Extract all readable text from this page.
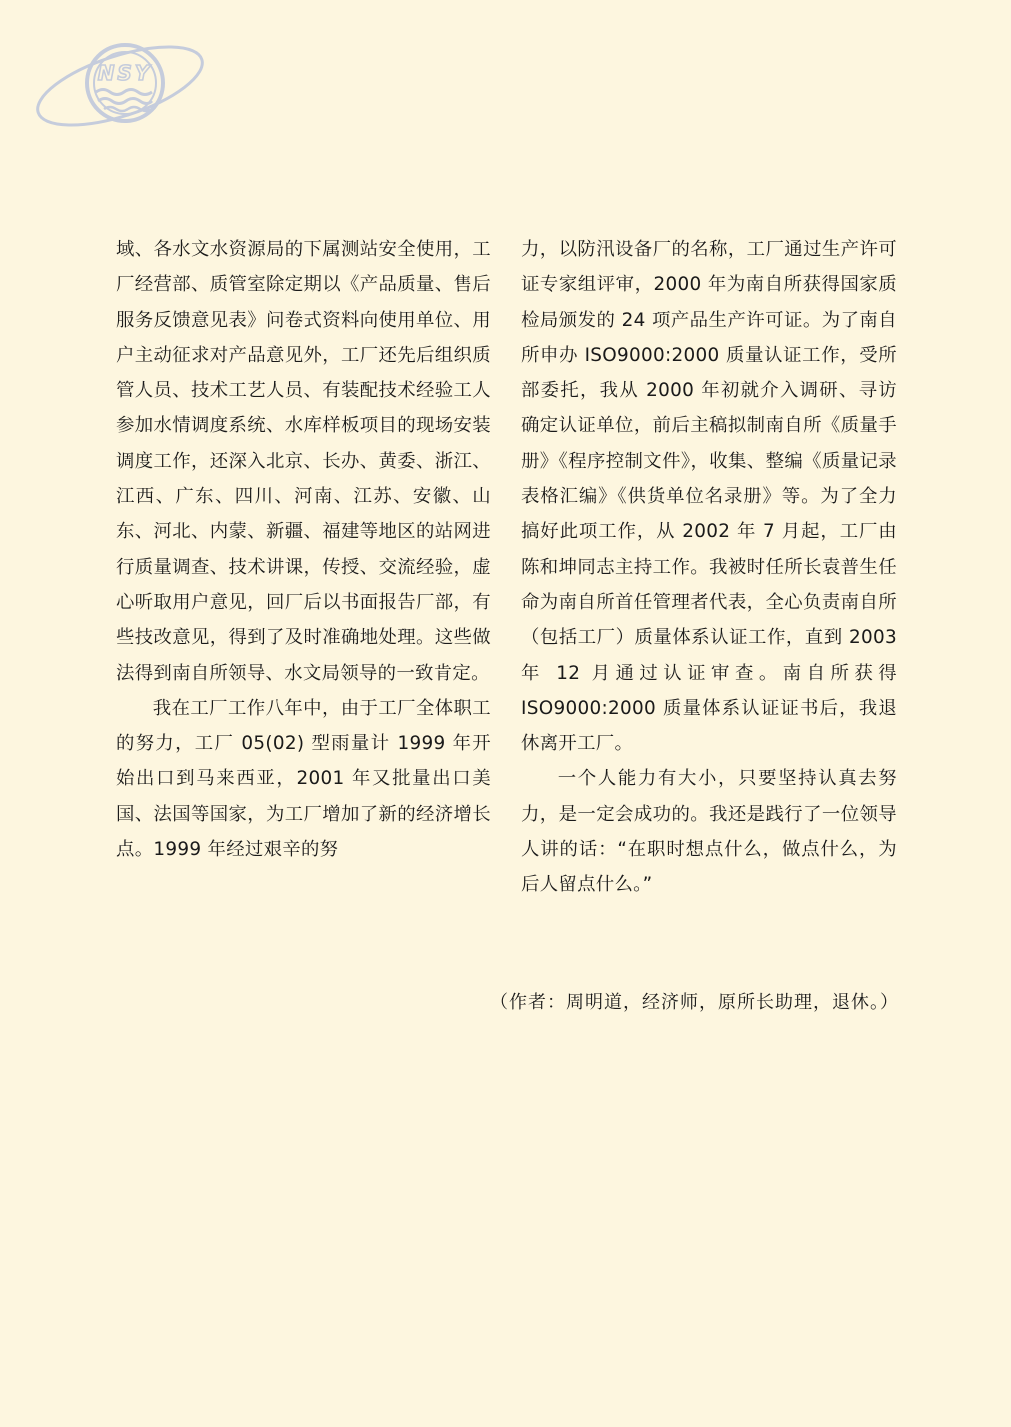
NSY

域、各水文水资源局的下属测站安全使用，工厂经营部、质管室除定期以《产品质量、售后服务反馈意见表》问卷式资料向使用单位、用户主动征求对产品意见外，工厂还先后组织质管人员、技术工艺人员、有装配技术经验工人参加水情调度系统、水库样板项目的现场安装调度工作，还深入北京、长办、黄委、浙江、江西、广东、四川、河南、江苏、安徽、山东、河北、内蒙、新疆、福建等地区的站网进行质量调查、技术讲课，传授、交流经验，虚心听取用户意见，回厂后以书面报告厂部，有些技改意见，得到了及时准确地处理。这些做法得到南自所领导、水文局领导的一致肯定。

我在工厂工作八年中，由于工厂全体职工的努力，工厂 05(02) 型雨量计 1999 年开始出口到马来西亚，2001 年又批量出口美国、法国等国家，为工厂增加了新的经济增长点。1999 年经过艰辛的努

力，以防汛设备厂的名称，工厂通过生产许可证专家组评审，2000 年为南自所获得国家质检局颁发的 24 项产品生产许可证。为了南自所申办 ISO9000:2000 质量认证工作，受所部委托，我从 2000 年初就介入调研、寻访确定认证单位，前后主稿拟制南自所《质量手册》《程序控制文件》，收集、整编《质量记录表格汇编》《供货单位名录册》等。为了全力搞好此项工作，从 2002 年 7 月起，工厂由陈和坤同志主持工作。我被时任所长袁普生任命为南自所首任管理者代表，全心负责南自所（包括工厂）质量体系认证工作，直到 2003 年 12 月通过认证审查。南自所获得 ISO9000:2000 质量体系认证证书后，我退休离开工厂。

一个人能力有大小，只要坚持认真去努力，是一定会成功的。我还是践行了一位领导人讲的话：“在职时想点什么，做点什么，为后人留点什么。”

（作者：周明道，经济师，原所长助理，退休。）
